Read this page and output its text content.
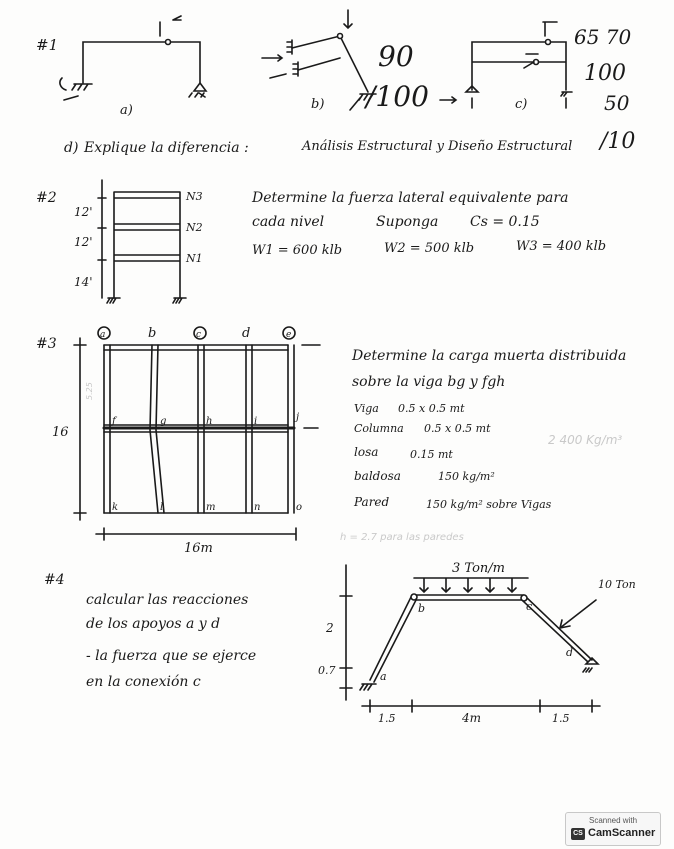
#1
a)	b)	c)
90
/100
65 70
100
50
d) Explique la diferencia :	Análisis Estructural y Diseño Estructural /10
#2
12'
12'
14'
N3
N2
N1
Determine la fuerza lateral equivalente para
cada nivel	Suponga Cs = 0.15
W1 = 600 klb	W2 = 500 klb	W3 = 400 klb
#3
a	b	c	d	e
f	g	h	i	j
k	l	m	n	o
16
16m
5.25
Determine la carga muerta distribuida
sobre la viga bg y fgh
Viga 0.5 x 0.5 mt
Columna 0.5 x 0.5 mt
losa	0.15 mt
baldosa	150 kg/m²
Pared	150 kg/m² sobre Vigas
2 400 Kg/m³
h = 2.7 para las paredes
#4
calcular las reacciones
de los apoyos a y d
- la fuerza que se ejerce
en la conexión c
3 Ton/m
10 Ton
2
0.7
1.5	4m	1.5
a
b	c
d
Scanned with
CS CamScanner
